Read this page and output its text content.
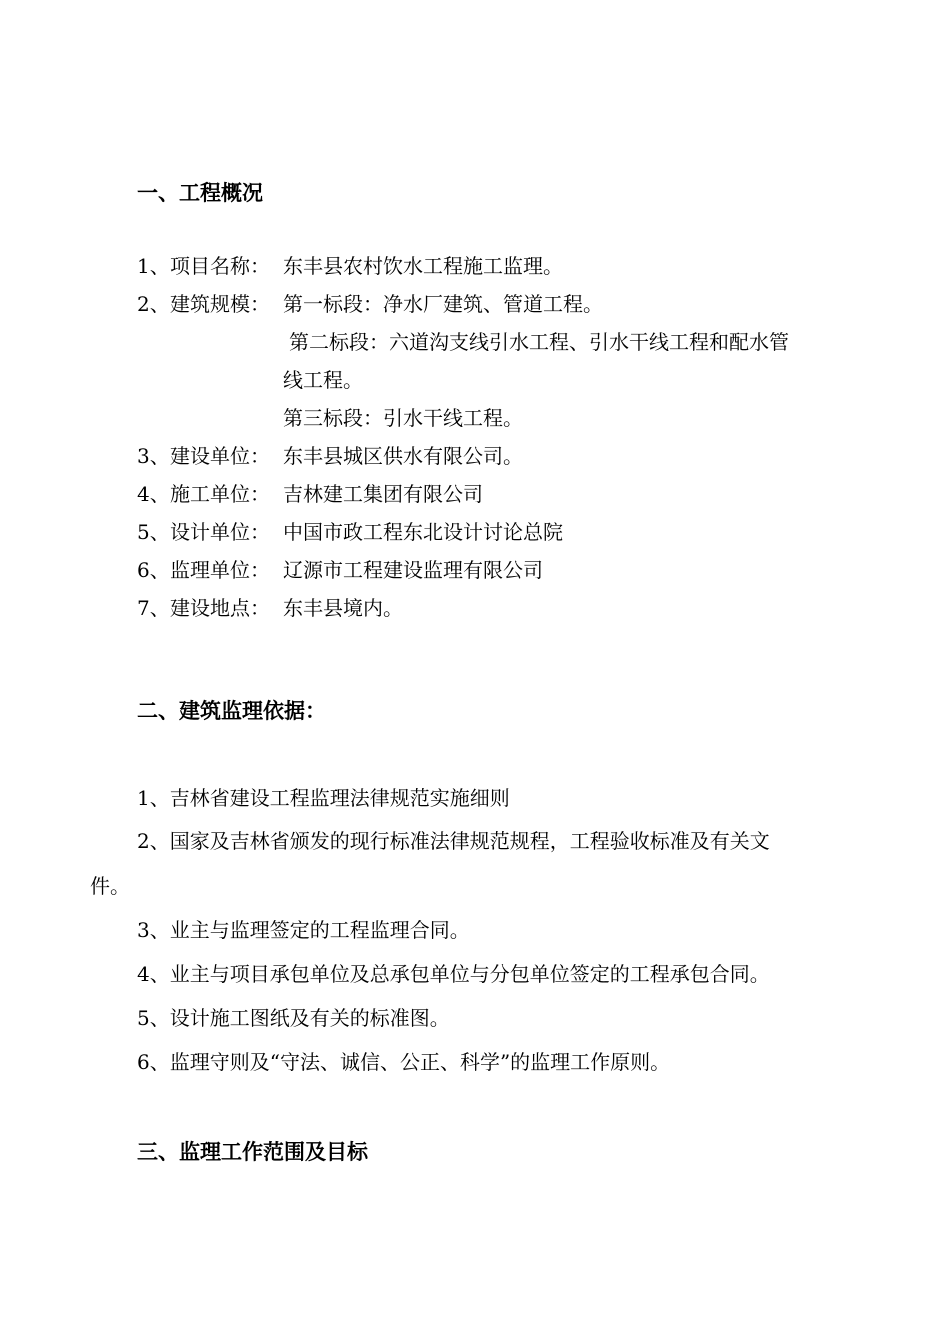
一、工程概况
1、 项目名称： 东丰县农村饮水工程施工监理。
2、 建筑规模： 第一标段：净水厂建筑、管道工程。
第二标段：六道沟支线引水工程、引水干线工程和配水管
线工程。
第三标段：引水干线工程。
3、 建设单位： 东丰县城区供水有限公司。
4、 施工单位： 吉林建工集团有限公司
5、 设计单位： 中国市政工程东北设计讨论总院
6、 监理单位： 辽源市工程建设监理有限公司
7、 建设地点： 东丰县境内。
二、建筑监理依据：
1、吉林省建设工程监理法律规范实施细则
2、国家及吉林省颁发的现行标准法律规范规程，工程验收标准及有关文
件。
3、业主与监理签定的工程监理合同。
4、业主与项目承包单位及总承包单位与分包单位签定的工程承包合同。
5、设计施工图纸及有关的标准图。
6、监理守则及“守法、诚信、公正、科学”的监理工作原则。
三、监理工作范围及目标
